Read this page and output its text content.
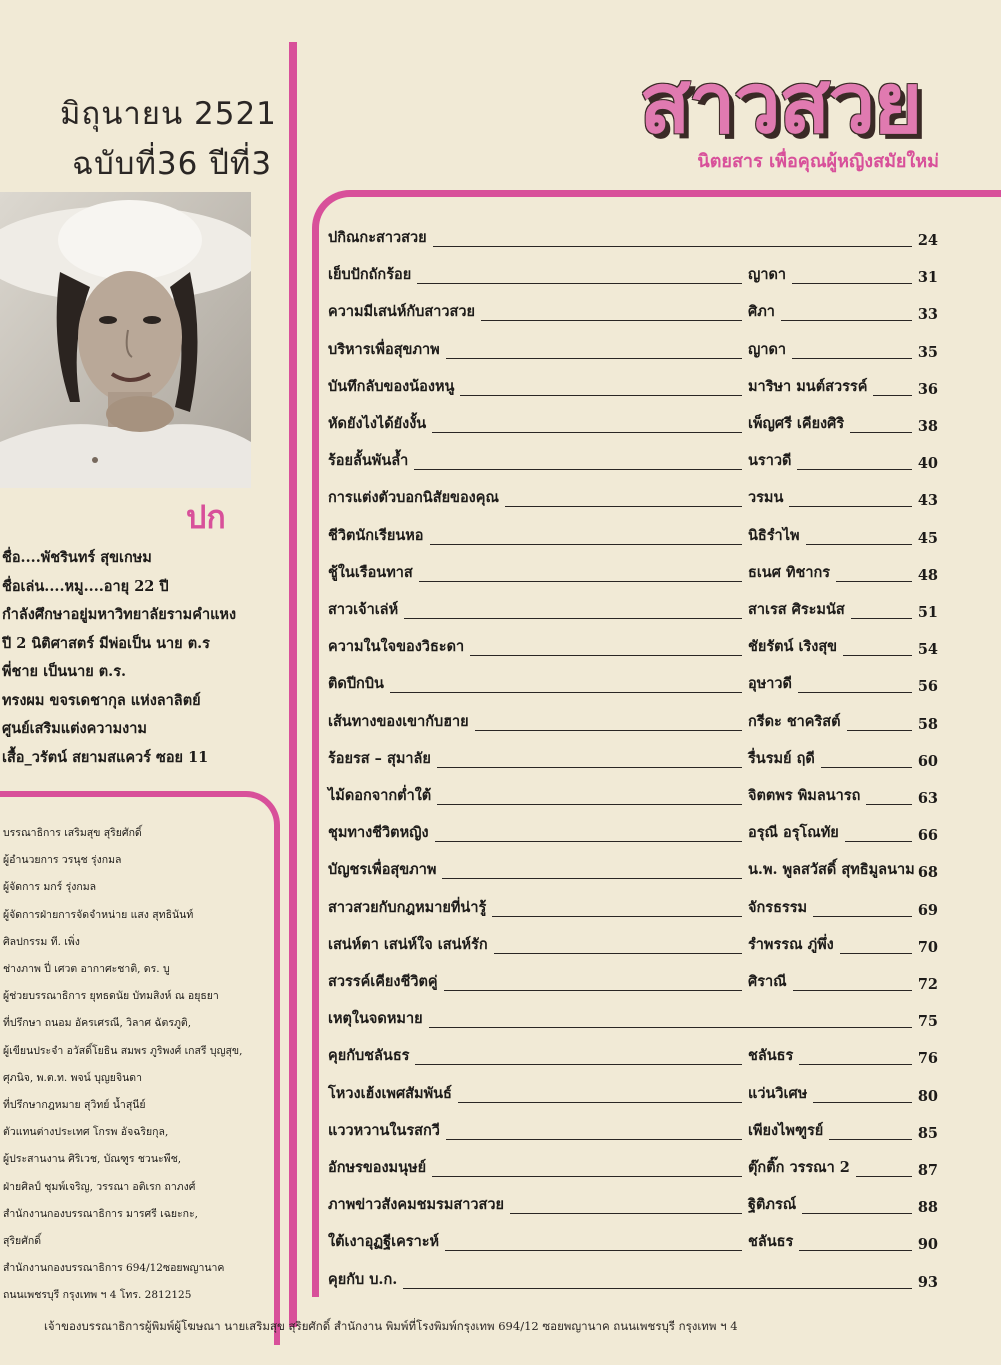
มิถุนายน 2521
ฉบับที่36 ปีที่3
ปก
ชื่อ....พัชรินทร์ สุขเกษม
ชื่อเล่น....หมู....อายุ 22 ปี
กำลังศึกษาอยู่มหาวิทยาลัยรามคำแหง
ปี 2 นิติศาสตร์ มีพ่อเป็น นาย ต.ร
พี่ชาย เป็นนาย ต.ร.
ทรงผม ขจรเดชากุล แห่งลาลิตย์
ศูนย์เสริมแต่งความงาม
เสื้อ_วรัตน์ สยามสแควร์ ซอย 11
บรรณาธิการ เสริมสุข สุริยศักดิ์
ผู้อำนวยการ วรนุช รุ่งกมล
ผู้จัดการ มกร์ รุ่งกมล
ผู้จัดการฝ่ายการจัดจำหน่าย แสง สุทธินันท์
ศิลปกรรม ที. เพิ่ง
ช่างภาพ ปี่ เศวต อากาศะชาติ, ดร. บู
ผู้ช่วยบรรณาธิการ ยุทธดนัย บัทมสิงห์ ณ อยุธยา
ที่ปรึกษา ถนอม อัครเศรณี, วิลาศ ฉัตรภูติ,
ผู้เขียนประจำ อวัสดิ์โยธิน สมพร ภูริพงศ์ เกสรี บุญสุข,
ศุภนิจ, พ.ต.ท. พจน์ บุญยจินดา
ที่ปรึกษากฎหมาย สุวิทย์ น้ำสุนีย์
ตัวแทนต่างประเทศ โกรพ อัจฉริยกุล,
ผู้ประสานงาน ศิริเวช, บัณฑูร ชวนะพืช,
ฝ่ายศิลป์ ชุมพ์เจริญ, วรรณา อติเรก ถาภงศ์
สำนักงานกองบรรณาธิการ มารศรี เฉยะกะ,
สุริยศักดิ์
สำนักงานกองบรรณาธิการ 694/12ซอยพญานาค
ถนนเพชรบุรี กรุงเทพ ฯ 4 โทร. 2812125
สาวสวย
นิตยสาร เพื่อคุณผู้หญิงสมัยใหม่
ปกิณกะสาวสวย	24
เย็บปักถักร้อย	ญาดา	31
ความมีเสน่ห์กับสาวสวย	ศิภา	33
บริหารเพื่อสุขภาพ	ญาดา	35
บันทึกลับของน้องหนู	มาริษา มนต์สวรรค์	36
หัดยังไงได้ยังงั้น	เพ็ญศรี เคียงศิริ	38
ร้อยลั้นพันล้ำ	นราวดี	40
การแต่งตัวบอกนิสัยของคุณ	วรมน	43
ชีวิตนักเรียนหอ	นิธิรำไพ	45
ชู้ในเรือนทาส	ธเนศ ทิชากร	48
สาวเจ้าเล่ห์	สาเรส ศิระมนัส	51
ความในใจของวิธะดา	ชัยรัตน์ เริงสุข	54
ติดปีกบิน	อุษาวดี	56
เส้นทางของเขากับฮาย	กรีดะ ชาคริสต์	58
ร้อยรส – สุมาลัย	รื่นรมย์ ฤดี	60
ไม้ดอกจากต่ำใต้	จิตตพร พิมลนารถ	63
ชุมทางชีวิตหญิง	อรุณี อรุโณทัย	66
บัญชรเพื่อสุขภาพ	น.พ. พูลสวัสดิ์ สุทธิมูลนาม 68
สาวสวยกับกฎหมายที่น่ารู้	จักรธรรม	69
เสน่ห์ตา เสน่ห์ใจ เสน่ห์รัก	รำพรรณ ภู่พึ่ง	70
สวรรค์เคียงชีวิตคู่	ศิราณี	72
เหตุในจดหมาย	75
คุยกับชลันธร	ชลันธร	76
โหวงเฮ้งเพศสัมพันธ์	แว่นวิเศษ	80
แววหวานในรสกวี	เพียงไพฑูรย์	85
อักษรของมนุษย์	ตุ๊กติ๊ก วรรณา 2	87
ภาพข่าวสังคมชมรมสาวสวย	ฐิติภรณ์	88
ใต้เงาอุฏฐีเคราะห์	ชลันธร	90
คุยกับ บ.ก.	93
เจ้าของบรรณาธิการผู้พิมพ์ผู้โฆษณา นายเสริมสุข สุริยศักดิ์ สำนักงาน พิมพ์ที่โรงพิมพ์กรุงเทพ 694/12 ซอยพญานาค ถนนเพชรบุรี กรุงเทพ ฯ 4
